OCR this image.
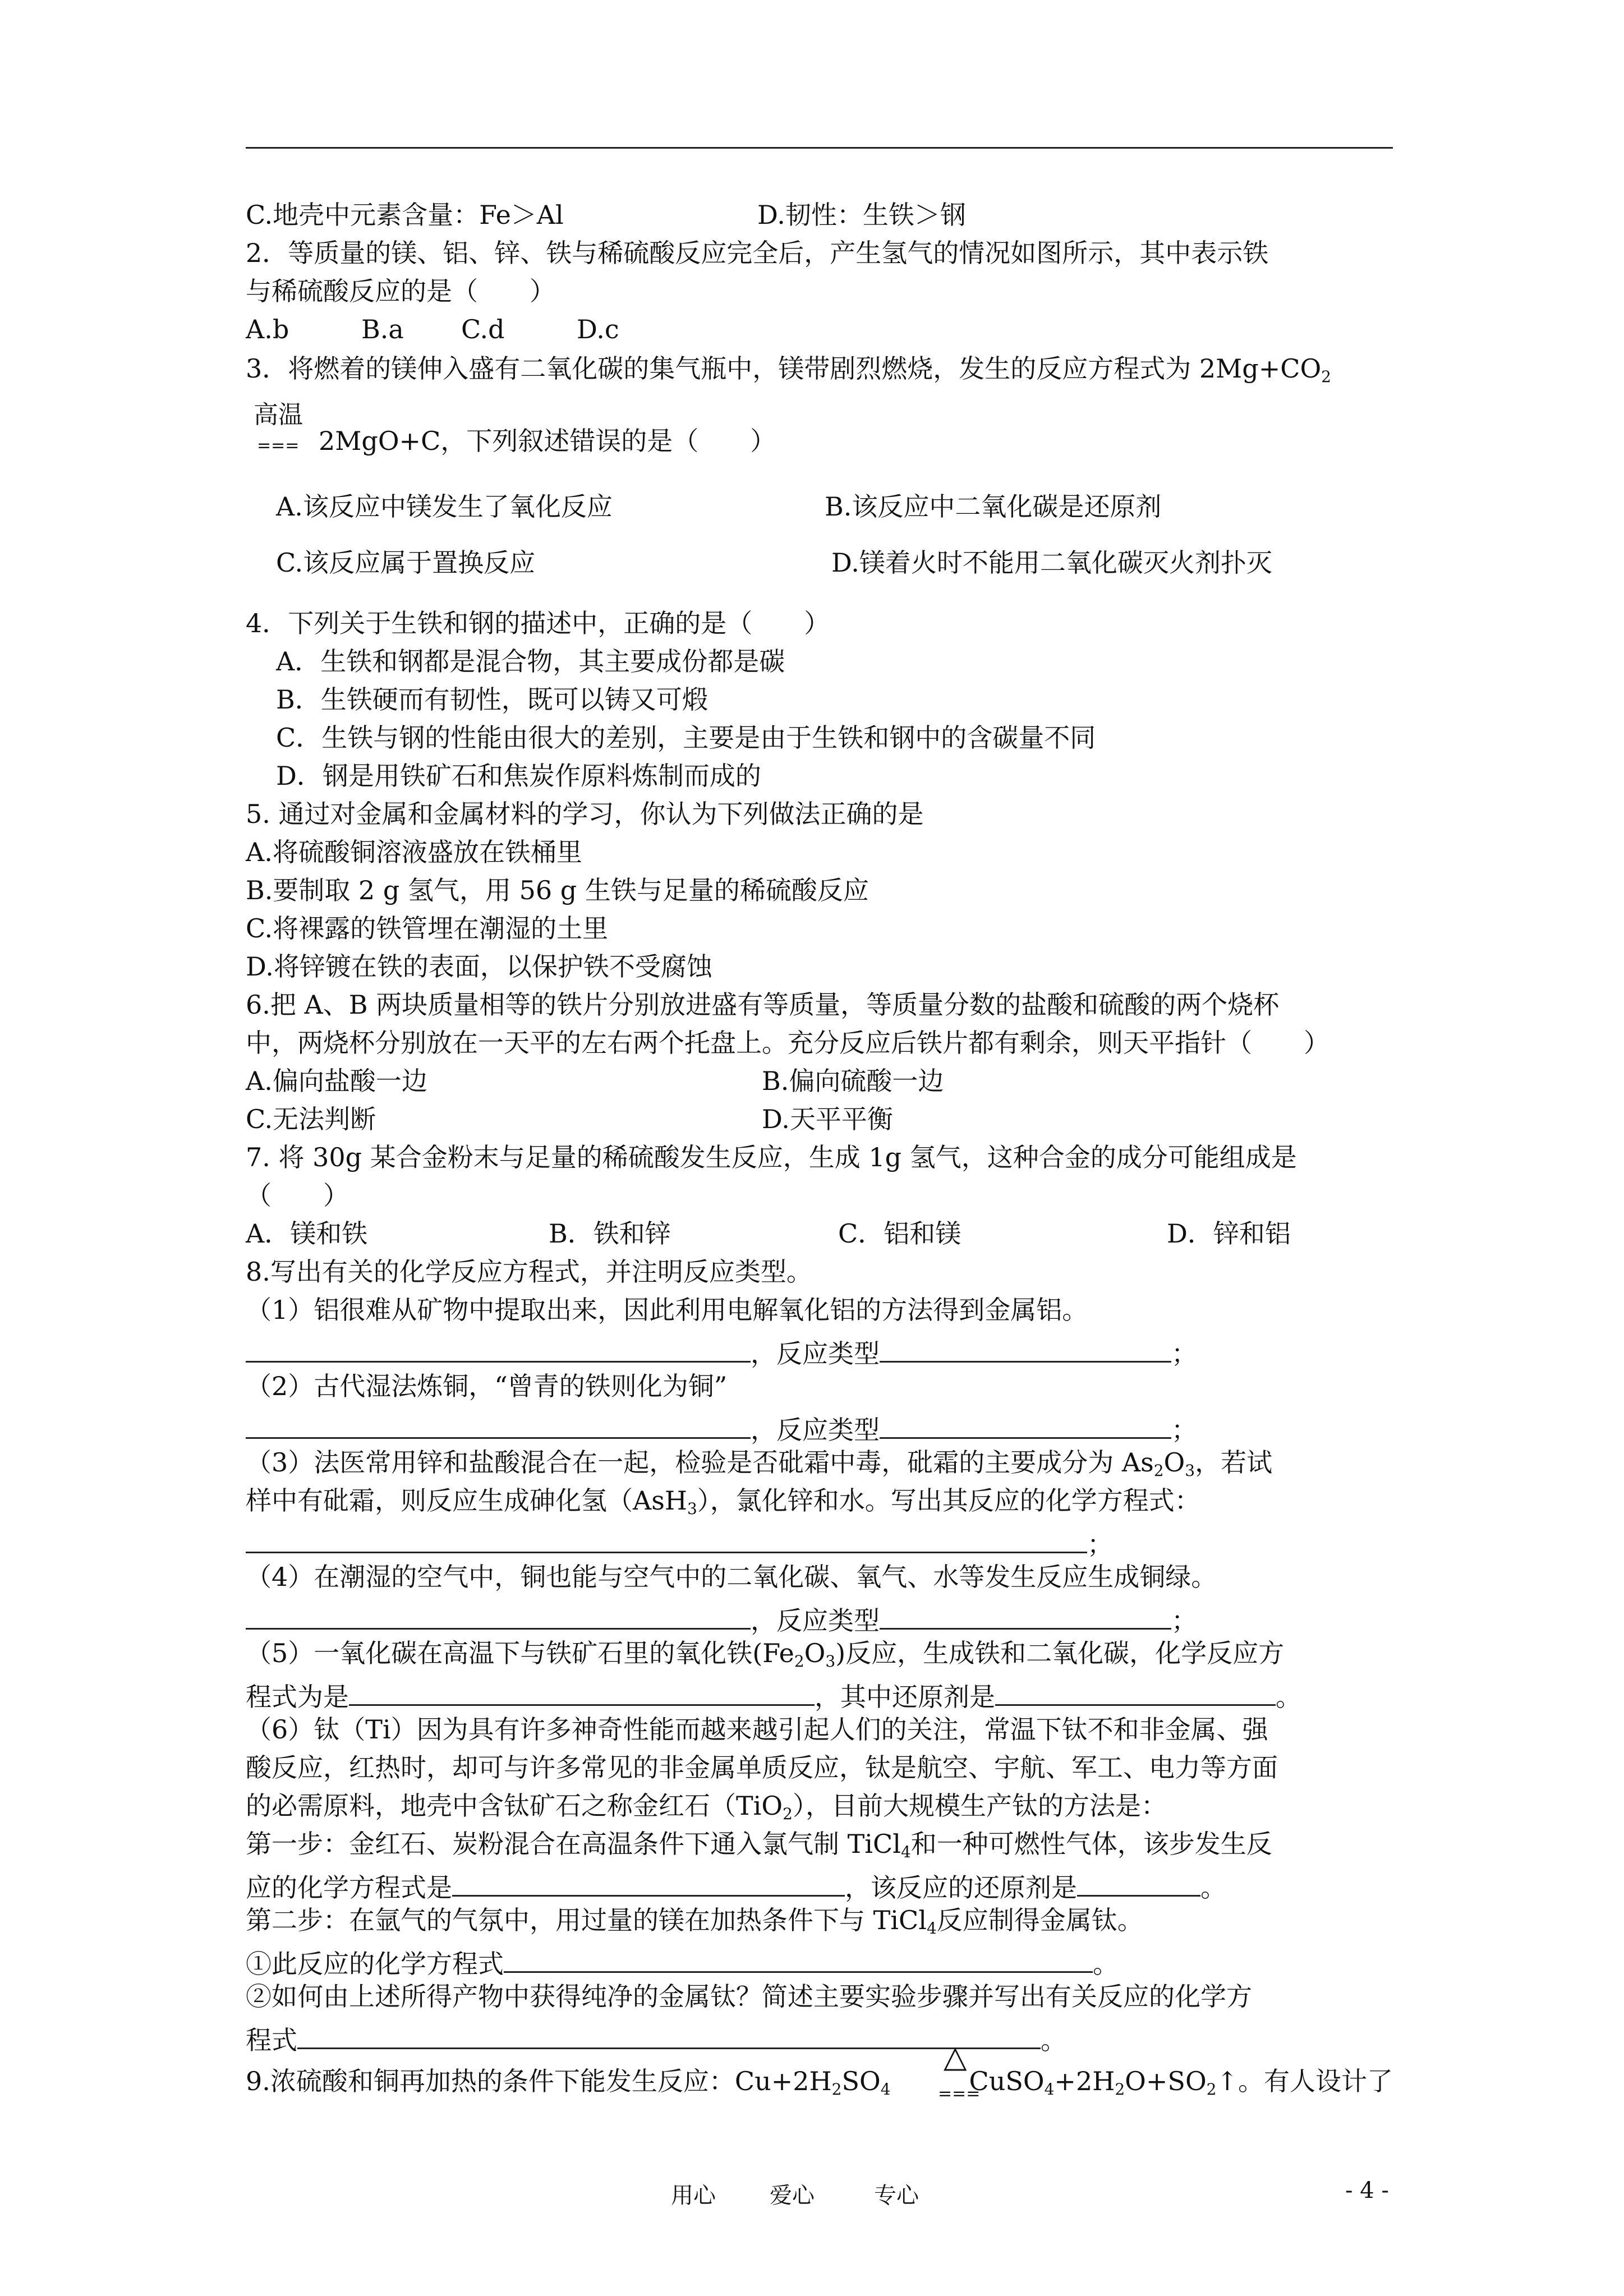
C.地壳中元素含量：Fe＞Al	D.韧性：生铁＞钢
2．等质量的镁、铝、锌、铁与稀硫酸反应完全后，产生氢气的情况如图所示，其中表示铁
与稀硫酸反应的是（　　）
A.b	B.a C.d	D.c
3．将燃着的镁伸入盛有二氧化碳的集气瓶中，镁带剧烈燃烧，发生的反应方程式为 $2Mg+CO_2$
高温
=== 2MgO+C，下列叙述错误的是（　　）
A.该反应中镁发生了氧化反应	B.该反应中二氧化碳是还原剂
C.该反应属于置换反应	D.镁着火时不能用二氧化碳灭火剂扑灭
4．下列关于生铁和钢的描述中，正确的是（　　）
A．生铁和钢都是混合物，其主要成份都是碳
B．生铁硬而有韧性，既可以铸又可煅
C．生铁与钢的性能由很大的差别，主要是由于生铁和钢中的含碳量不同
D．钢是用铁矿石和焦炭作原料炼制而成的
5. 通过对金属和金属材料的学习，你认为下列做法正确的是
A.将硫酸铜溶液盛放在铁桶里
B.要制取 2 g 氢气，用 56 g 生铁与足量的稀硫酸反应
C.将裸露的铁管埋在潮湿的土里
D.将锌镀在铁的表面，以保护铁不受腐蚀
6.把 A、B 两块质量相等的铁片分别放进盛有等质量，等质量分数的盐酸和硫酸的两个烧杯
中，两烧杯分别放在一天平的左右两个托盘上。充分反应后铁片都有剩余，则天平指针（　　）
A.偏向盐酸一边	B.偏向硫酸一边
C.无法判断	D.天平平衡
7. 将 30g 某合金粉末与足量的稀硫酸发生反应，生成 1g 氢气，这种合金的成分可能组成是
（　　）
A．镁和铁	B．铁和锌	C．铝和镁	D．锌和铝
8.写出有关的化学反应方程式，并注明反应类型。
（1）铝很难从矿物中提取出来，因此利用电解氧化铝的方法得到金属铝。
，反应类型	；
（2）古代湿法炼铜，“曾青的铁则化为铜”
，反应类型	；
（3）法医常用锌和盐酸混合在一起，检验是否砒霜中毒，砒霜的主要成分为 $As_2O_3$，若试
样中有砒霜，则反应生成砷化氢（AsH$_3$），氯化锌和水。写出其反应的化学方程式：
；
（4）在潮湿的空气中，铜也能与空气中的二氧化碳、氧气、水等发生反应生成铜绿。
，反应类型	；
（5）一氧化碳在高温下与铁矿石里的氧化铁$(Fe_2O_3)$反应，生成铁和二氧化碳，化学反应方
程式为是	，其中还原剂是	。
（6）钛（Ti）因为具有许多神奇性能而越来越引起人们的关注，常温下钛不和非金属、强
酸反应，红热时，却可与许多常见的非金属单质反应，钛是航空、宇航、军工、电力等方面
的必需原料，地壳中含钛矿石之称金红石（TiO$_2$），目前大规模生产钛的方法是：
第一步：金红石、炭粉混合在高温条件下通入氯气制 TiCl$_4$和一种可燃性气体，该步发生反
应的化学方程式是	，该反应的还原剂是	。
第二步：在氩气的气氛中，用过量的镁在加热条件下与 TiCl$_4$反应制得金属钛。
①此反应的化学方程式	。
②如何由上述所得产物中获得纯净的金属钛？简述主要实验步骤并写出有关反应的化学方
程式	。
△
===
9.浓硫酸和铜再加热的条件下能发生反应：$Cu+2H_2SO_4$	$CuSO_4+2H_2O+SO_2↑$。有人设计了
用心 爱心	专心	- 4 -
